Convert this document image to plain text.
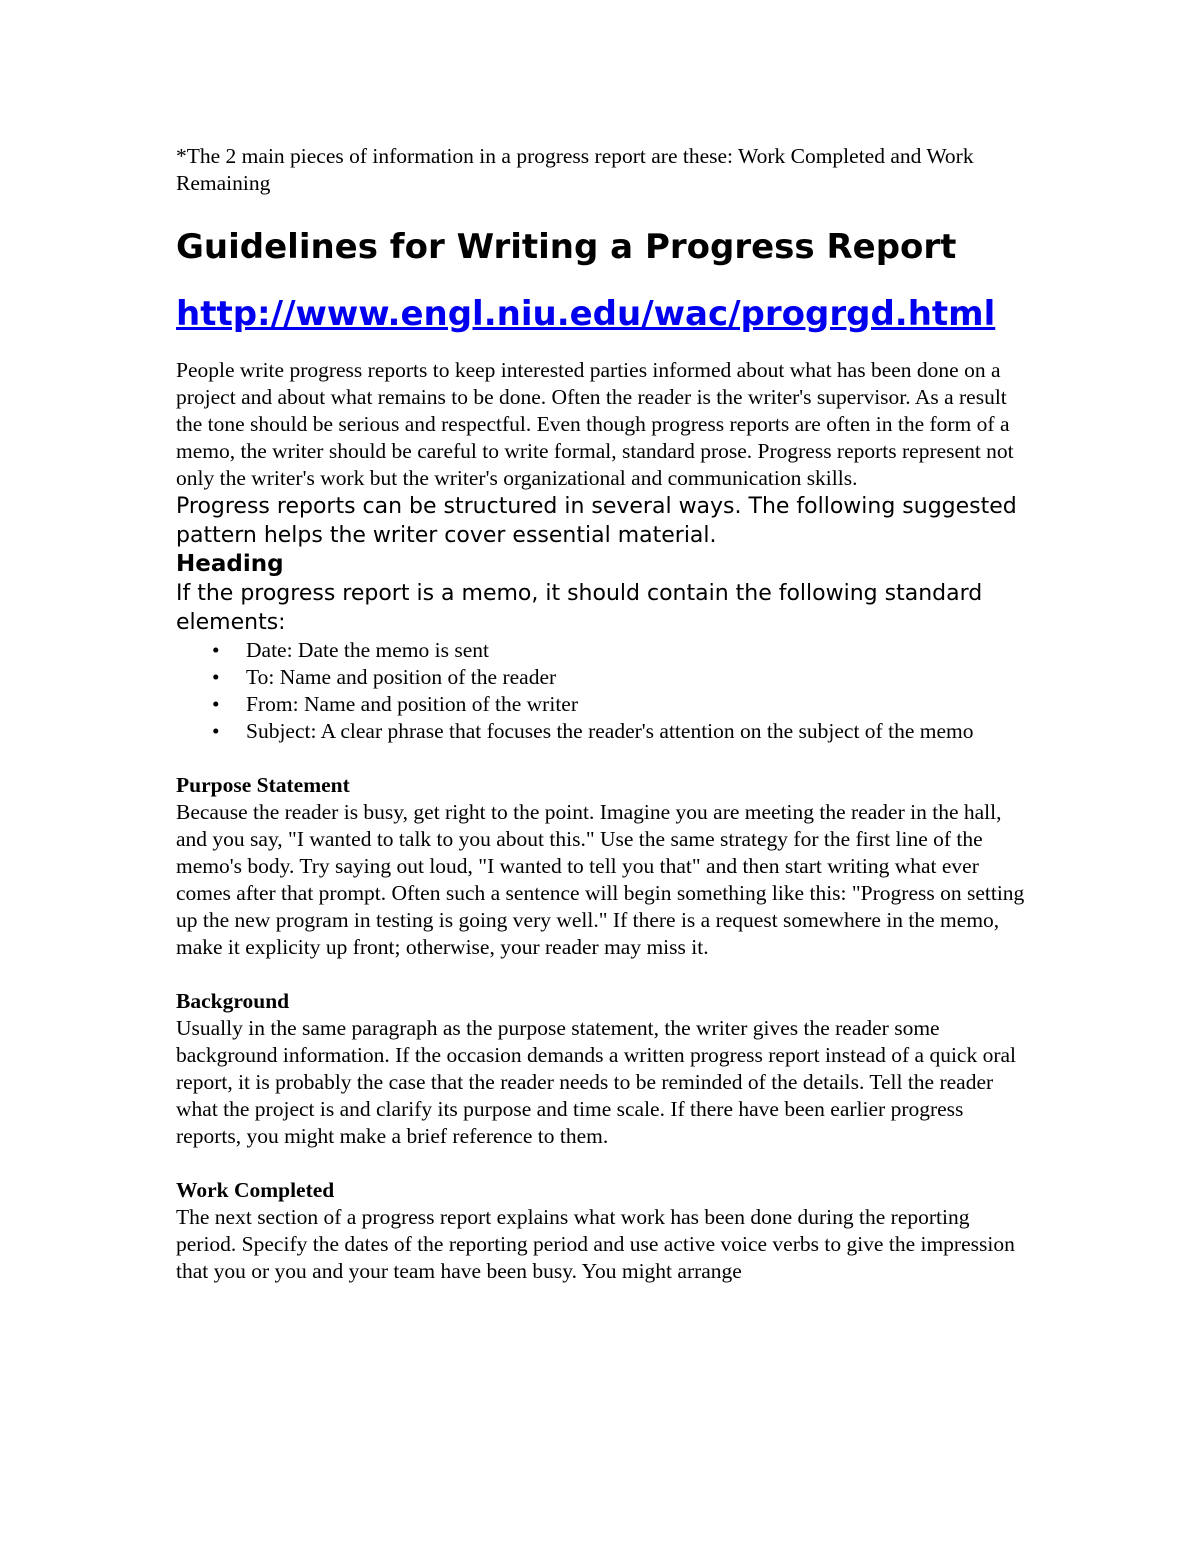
*The 2 main pieces of information in a progress report are these: Work Completed and Work Remaining

Guidelines for Writing a Progress Report
http://www.engl.niu.edu/wac/progrgd.html

People write progress reports to keep interested parties informed about what has been done on a project and about what remains to be done. Often the reader is the writer's supervisor. As a result the tone should be serious and respectful. Even though progress reports are often in the form of a memo, the writer should be careful to write formal, standard prose. Progress reports represent not only the writer's work but the writer's organizational and communication skills.

Progress reports can be structured in several ways. The following suggested pattern helps the writer cover essential material.

Heading

If the progress report is a memo, it should contain the following standard elements:

• Date: Date the memo is sent
• To: Name and position of the reader
• From: Name and position of the writer
• Subject: A clear phrase that focuses the reader's attention on the subject of the memo
Purpose Statement

Because the reader is busy, get right to the point. Imagine you are meeting the reader in the hall, and you say, "I wanted to talk to you about this." Use the same strategy for the first line of the memo's body. Try saying out loud, "I wanted to tell you that" and then start writing what ever comes after that prompt. Often such a sentence will begin something like this: "Progress on setting up the new program in testing is going very well." If there is a request somewhere in the memo, make it explicity up front; otherwise, your reader may miss it.

Background

Usually in the same paragraph as the purpose statement, the writer gives the reader some background information. If the occasion demands a written progress report instead of a quick oral report, it is probably the case that the reader needs to be reminded of the details. Tell the reader what the project is and clarify its purpose and time scale. If there have been earlier progress reports, you might make a brief reference to them.

Work Completed

The next section of a progress report explains what work has been done during the reporting period. Specify the dates of the reporting period and use active voice verbs to give the impression that you or you and your team have been busy. You might arrange
